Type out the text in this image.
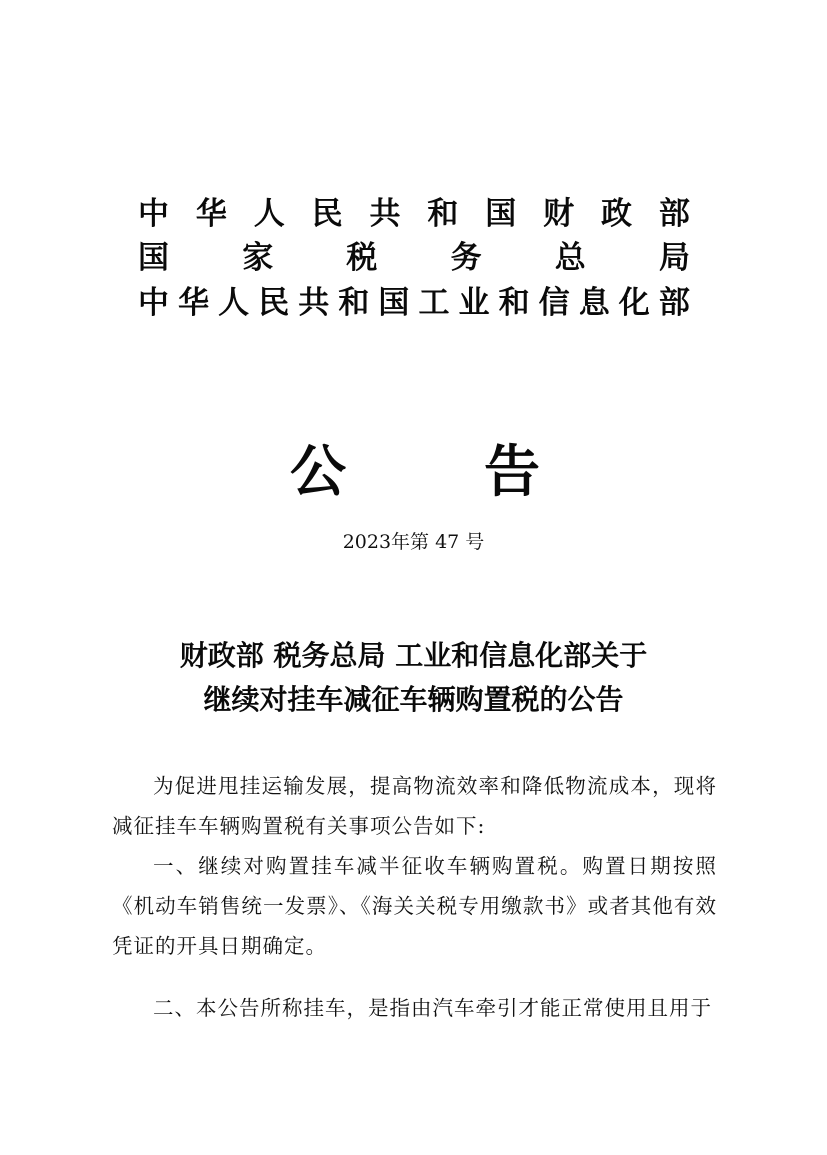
中 华 人 民 共 和 国 财 政 部
国 家 税 务 总 局
中 华 人 民 共 和 国 工 业 和 信 息 化 部
公 告
2023年第 47 号
财政部 税务总局 工业和信息化部关于
继续对挂车减征车辆购置税的公告

为促进甩挂运输发展，提高物流效率和降低物流成本，现将减征挂车车辆购置税有关事项公告如下:

一、继续对购置挂车减半征收车辆购置税。购置日期按照《机动车销售统一发票》、《海关关税专用缴款书》或者其他有效凭证的开具日期确定。

二、本公告所称挂车，是指由汽车牵引才能正常使用且用于
